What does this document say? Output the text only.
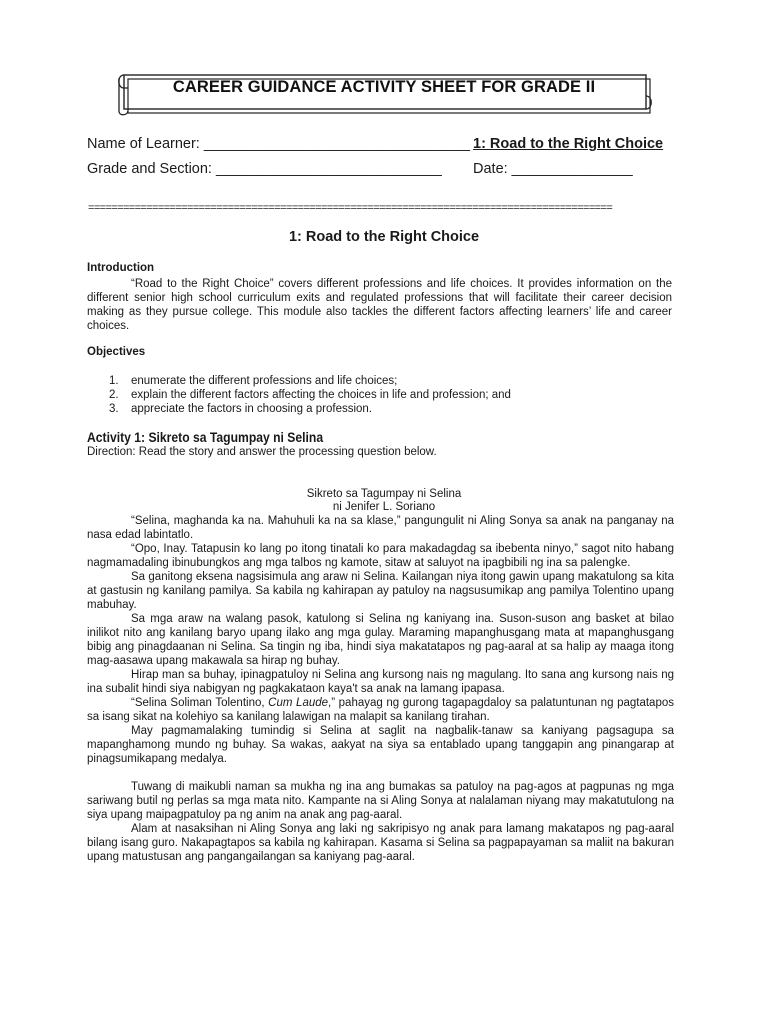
CAREER GUIDANCE ACTIVITY SHEET FOR GRADE II
Name of Learner: _________________________________ 1: Road to the Right Choice
Grade and Section: ____________________________ Date: _______________
==========================================================================================
1: Road to the Right Choice
Introduction
“Road to the Right Choice” covers different professions and life choices. It provides information on the different senior high school curriculum exits and regulated professions that will facilitate their career decision making as they pursue college. This module also tackles the different factors affecting learners’ life and career choices.
Objectives
1. enumerate the different professions and life choices;
2. explain the different factors affecting the choices in life and profession; and
3. appreciate the factors in choosing a profession.
Activity 1: Sikreto sa Tagumpay ni Selina
Direction: Read the story and answer the processing question below.
Sikreto sa Tagumpay ni Selina
ni Jenifer L. Soriano

“Selina, maghanda ka na. Mahuhuli ka na sa klase,” pangungulit ni Aling Sonya sa anak na panganay na nasa edad labintatlo.

“Opo, Inay. Tatapusin ko lang po itong tinatali ko para makadagdag sa ibebenta ninyo,” sagot nito habang nagmamadaling ibinubungkos ang mga talbos ng kamote, sitaw at saluyot na ipagbibili ng ina sa palengke.

Sa ganitong eksena nagsisimula ang araw ni Selina. Kailangan niya itong gawin upang makatulong sa kita at gastusin ng kanilang pamilya. Sa kabila ng kahirapan ay patuloy na nagsusumikap ang pamilya Tolentino upang mabuhay.

Sa mga araw na walang pasok, katulong si Selina ng kaniyang ina. Suson-suson ang basket at bilao inilikot nito ang kanilang baryo upang ilako ang mga gulay. Maraming mapanghusgang mata at mapanghusgang bibig ang pinagdaanan ni Selina. Sa tingin ng iba, hindi siya makatatapos ng pag-aaral at sa halip ay maaga itong mag-aasawa upang makawala sa hirap ng buhay.

Hirap man sa buhay, ipinagpatuloy ni Selina ang kursong nais ng magulang. Ito sana ang kursong nais ng ina subalit hindi siya nabigyan ng pagkakataon kaya't sa anak na lamang ipapasa.

“Selina Soliman Tolentino, Cum Laude,” pahayag ng gurong tagapagdaloy sa palatuntunan ng pagtatapos sa isang sikat na kolehiyo sa kanilang lalawigan na malapit sa kanilang tirahan.

May pagmamalaking tumindig si Selina at saglit na nagbalik-tanaw sa kaniyang pagsagupa sa mapanghamong mundo ng buhay. Sa wakas, aakyat na siya sa entablado upang tanggapin ang pinangarap at pinagsumikapang medalya.

Tuwang di maikubli naman sa mukha ng ina ang bumakas sa patuloy na pag-agos at pagpunas ng mga sariwang butil ng perlas sa mga mata nito. Kampante na si Aling Sonya at nalalaman niyang may makatutulong na siya upang maipagpatuloy pa ng anim na anak ang pag-aaral.

Alam at nasaksihan ni Aling Sonya ang laki ng sakripisyo ng anak para lamang makatapos ng pag-aaral bilang isang guro. Nakapagtapos sa kabila ng kahirapan. Kasama si Selina sa pagpapayaman sa maliit na bakuran upang matustusan ang pangangailangan sa kaniyang pag-aaral.
